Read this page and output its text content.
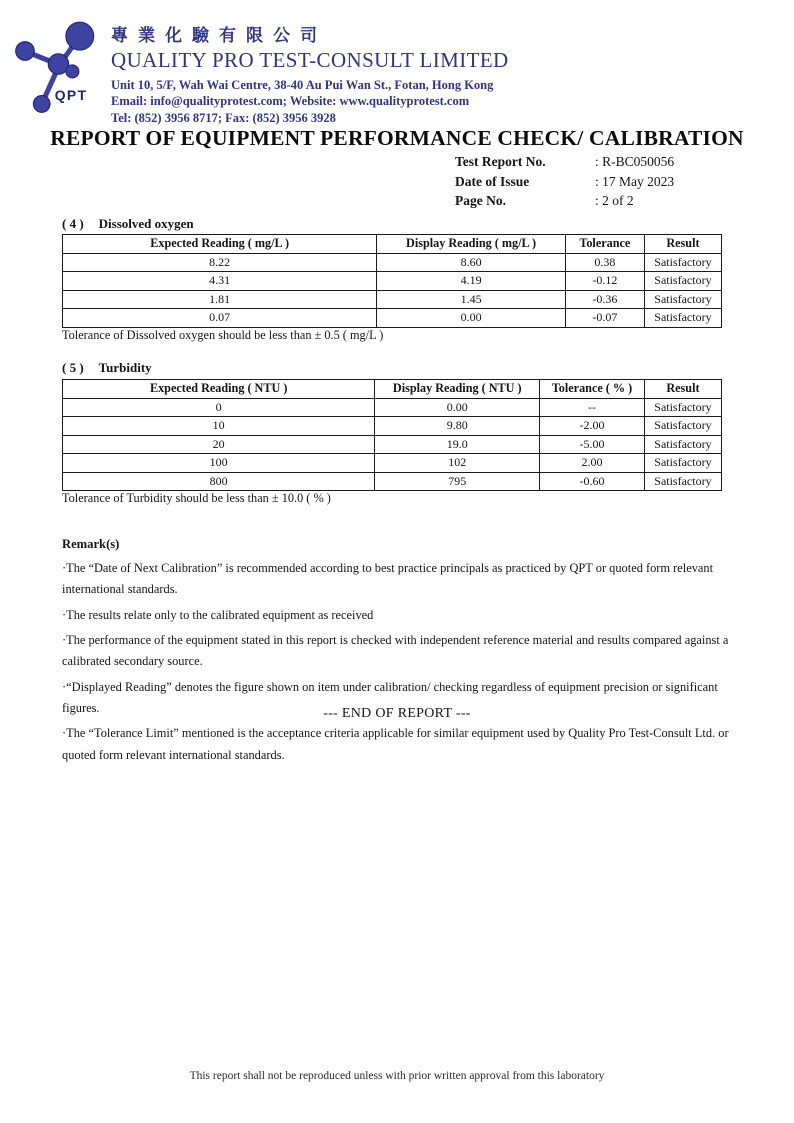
QPT
專業化驗有限公司
QUALITY PRO TEST-CONSULT LIMITED
Unit 10, 5/F, Wah Wai Centre, 38-40 Au Pui Wan St., Fotan, Hong Kong
Email: info@qualityprotest.com; Website: www.qualityprotest.com
Tel: (852) 3956 8717; Fax: (852) 3956 3928
REPORT OF EQUIPMENT PERFORMANCE CHECK/ CALIBRATION
Test Report No.	: R-BC050056
Date of Issue	: 17 May 2023
Page No.	: 2 of 2
( 4 ) Dissolved oxygen
Expected Reading ( mg/L )	Display Reading ( mg/L )	Tolerance	Result
8.22	8.60	0.38	Satisfactory
4.31	4.19	-0.12	Satisfactory
1.81	1.45	-0.36	Satisfactory
0.07	0.00	-0.07	Satisfactory
Tolerance of Dissolved oxygen should be less than ± 0.5 ( mg/L )
( 5 ) Turbidity
Expected Reading ( NTU )	Display Reading ( NTU )	Tolerance ( % )	Result
0	0.00	--	Satisfactory
10	9.80	-2.00	Satisfactory
20	19.0	-5.00	Satisfactory
100	102	2.00	Satisfactory
800	795	-0.60	Satisfactory
Tolerance of Turbidity should be less than ± 10.0 ( % )

Remark(s)

·The “Date of Next Calibration” is recommended according to best practice principals as practiced by QPT or quoted form relevant international standards.
·The results relate only to the calibrated equipment as received
·The performance of the equipment stated in this report is checked with independent reference material and results compared against a calibrated secondary source.
·“Displayed Reading” denotes the figure shown on item under calibration/ checking regardless of equipment precision or significant figures.
·The “Tolerance Limit” mentioned is the acceptance criteria applicable for similar equipment used by Quality Pro Test-Consult Ltd. or quoted form relevant international standards.
--- END OF REPORT ---
This report shall not be reproduced unless with prior written approval from this laboratory
